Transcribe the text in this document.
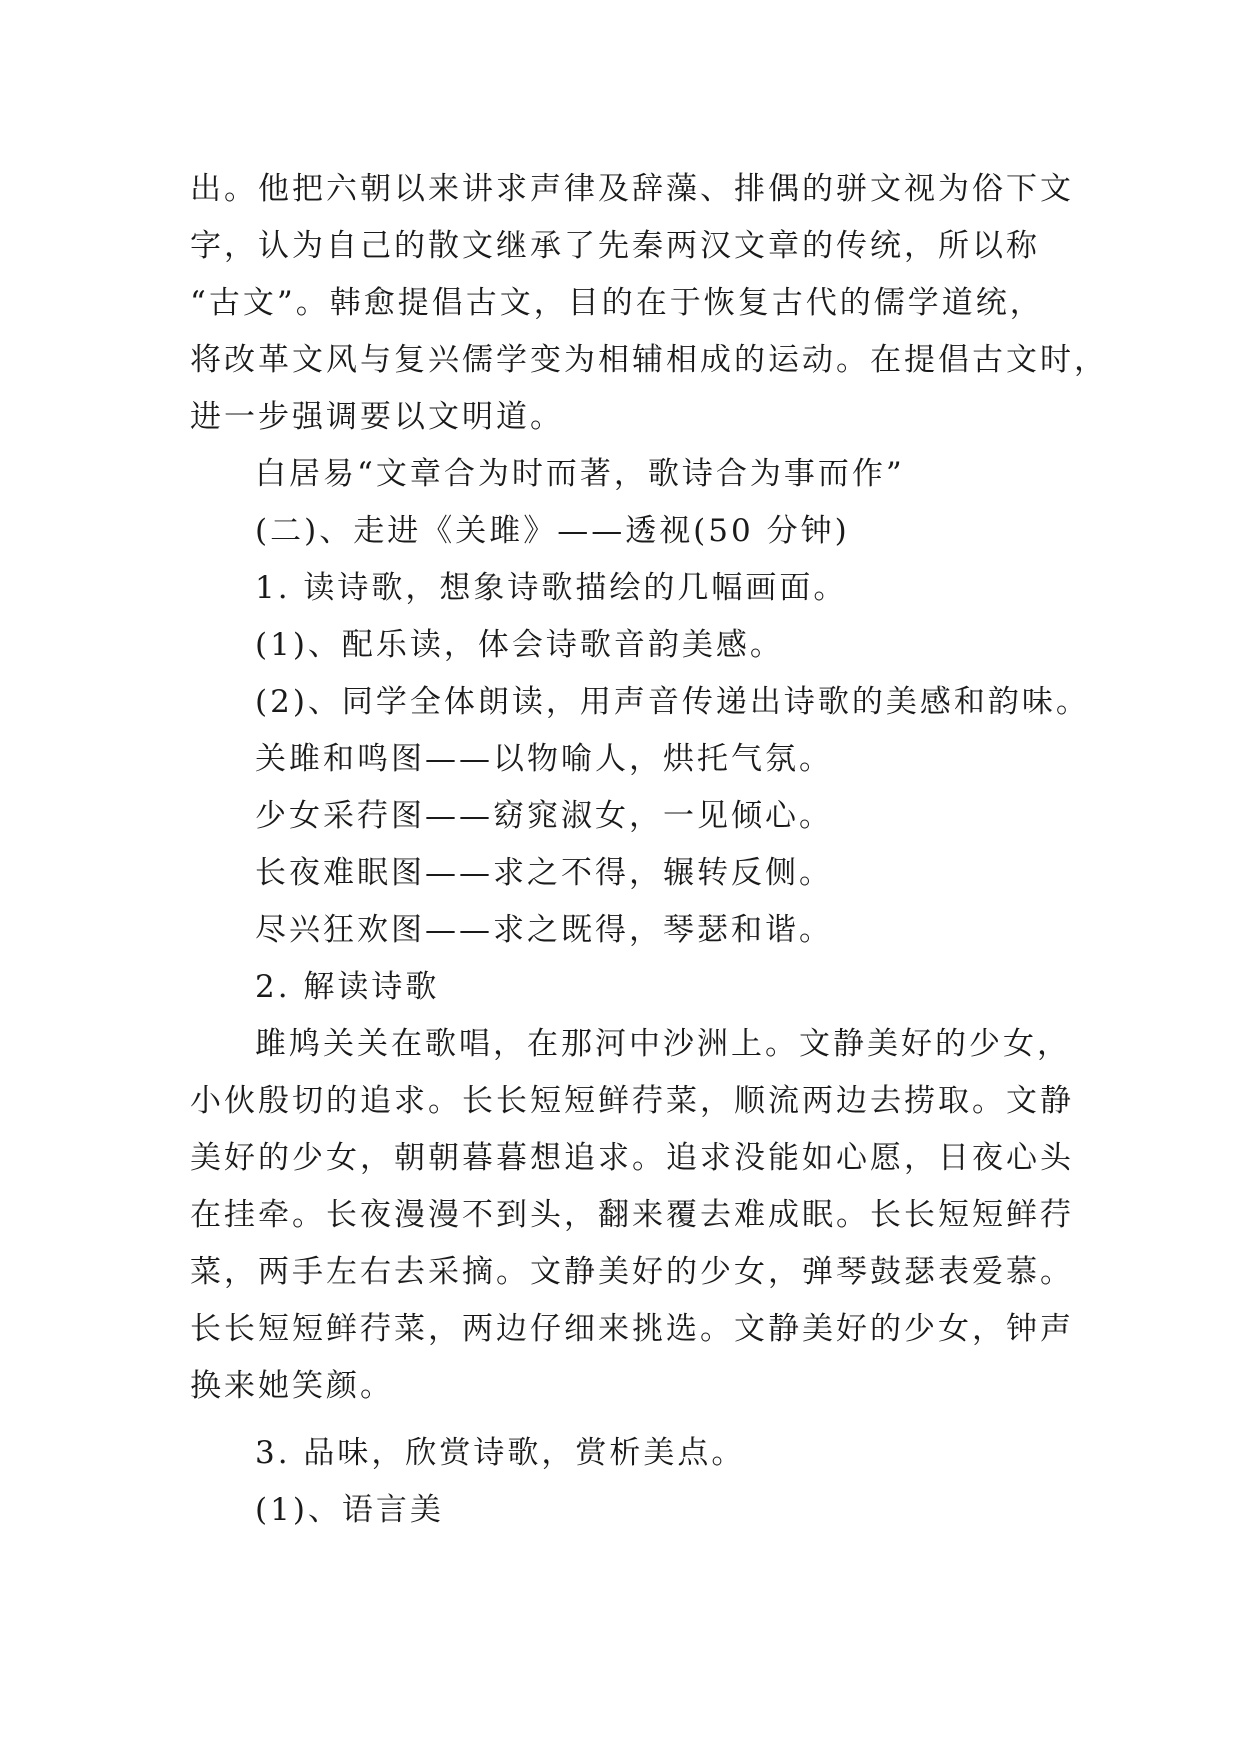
出。他把六朝以来讲求声律及辞藻、排偶的骈文视为俗下文
字，认为自己的散文继承了先秦两汉文章的传统，所以称
“古文”。韩愈提倡古文，目的在于恢复古代的儒学道统，
将改革文风与复兴儒学变为相辅相成的运动。在提倡古文时，
进一步强调要以文明道。
白居易“文章合为时而著，歌诗合为事而作”
(二)、走进《关雎》——透视(50 分钟)
1. 读诗歌，想象诗歌描绘的几幅画面。
(1)、配乐读，体会诗歌音韵美感。
(2)、同学全体朗读，用声音传递出诗歌的美感和韵味。
关雎和鸣图——以物喻人，烘托气氛。
少女采荇图——窈窕淑女，一见倾心。
长夜难眠图——求之不得，辗转反侧。
尽兴狂欢图——求之既得，琴瑟和谐。
2. 解读诗歌
雎鸠关关在歌唱，在那河中沙洲上。文静美好的少女，
小伙殷切的追求。长长短短鲜荇菜，顺流两边去捞取。文静
美好的少女，朝朝暮暮想追求。追求没能如心愿，日夜心头
在挂牵。长夜漫漫不到头，翻来覆去难成眠。长长短短鲜荇
菜，两手左右去采摘。文静美好的少女，弹琴鼓瑟表爱慕。
长长短短鲜荇菜，两边仔细来挑选。文静美好的少女，钟声
换来她笑颜。
3. 品味，欣赏诗歌，赏析美点。
(1)、语言美
